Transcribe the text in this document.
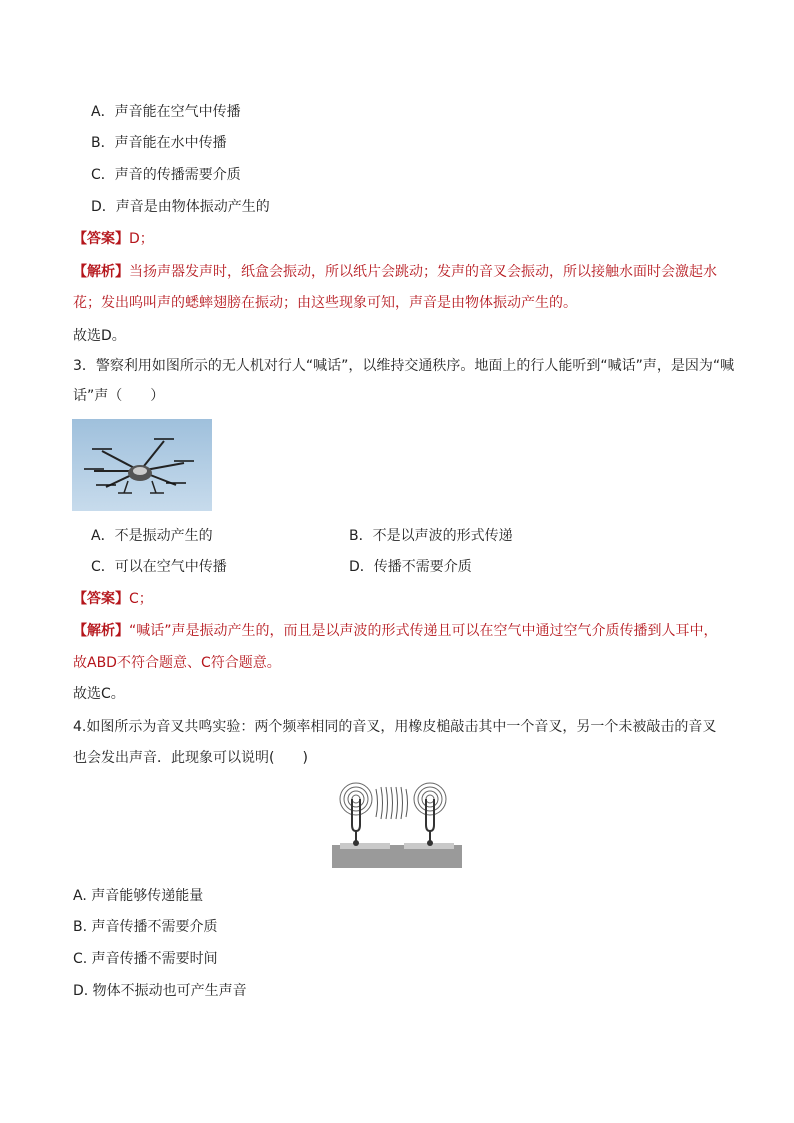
A．声音能在空气中传播
B．声音能在水中传播
C．声音的传播需要介质
D．声音是由物体振动产生的
【答案】D；
【解析】当扬声器发声时，纸盒会振动，所以纸片会跳动；发声的音叉会振动，所以接触水面时会激起水
花；发出呜叫声的蟋蟀翅膀在振动；由这些现象可知，声音是由物体振动产生的。
故选D。
3．警察利用如图所示的无人机对行人“喊话”，以维持交通秩序。地面上的行人能听到“喊话”声，是因为“喊
话”声（　　）
A．不是振动产生的	B．不是以声波的形式传递
C．可以在空气中传播	D．传播不需要介质
【答案】C；
【解析】“喊话”声是振动产生的，而且是以声波的形式传递且可以在空气中通过空气介质传播到人耳中，
故ABD不符合题意、C符合题意。
故选C。
4.如图所示为音叉共鸣实验：两个频率相同的音叉，用橡皮槌敲击其中一个音叉，另一个未被敲击的音叉
也会发出声音．此现象可以说明(　　)
A. 声音能够传递能量
B. 声音传播不需要介质
C. 声音传播不需要时间
D. 物体不振动也可产生声音
